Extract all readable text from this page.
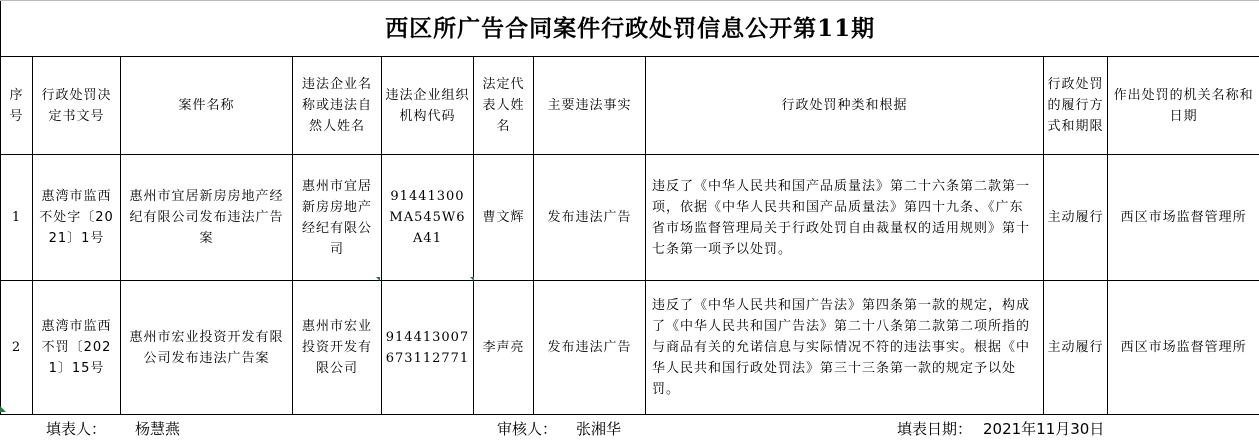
西区所广告合同案件行政处罚信息公开第11期									
序号	行政处罚决定书文号	案件名称	违法企业名称或违法自然人姓名	违法企业组织机构代码	法定代表人姓名	主要违法事实	行政处罚种类和根据	行政处罚的履行方式和期限	作出处罚的机关名称和日期
1	惠湾市监西不处字〔2021〕1号	惠州市宜居新房房地产经纪有限公司发布违法广告案	惠州市宜居新房房地产经纪有限公司	91441300MA545W6A41	曹文辉	发布违法广告	违反了《中华人民共和国产品质量法》第二十六条第二款第一项，依据《中华人民共和国产品质量法》第四十九条、《广东省市场监督管理局关于行政处罚自由裁量权的适用规则》第十七条第一项予以处罚。	主动履行	西区市场监督管理所
2	惠湾市监西不罚〔2021〕15号	惠州市宏业投资开发有限公司发布违法广告案	惠州市宏业投资开发有限公司	914413007673112771	李声亮	发布违法广告	违反了《中华人民共和国广告法》第四条第一款的规定，构成了《中华人民共和国广告法》第二十八条第二款第二项所指的与商品有关的允诺信息与实际情况不符的违法事实。根据《中华人民共和国行政处罚法》第三十三条第一款的规定予以处罚。	主动履行	西区市场监督管理所
填表人： 杨慧燕	审核人： 张湘华	填表日期： 2021年11月30日
